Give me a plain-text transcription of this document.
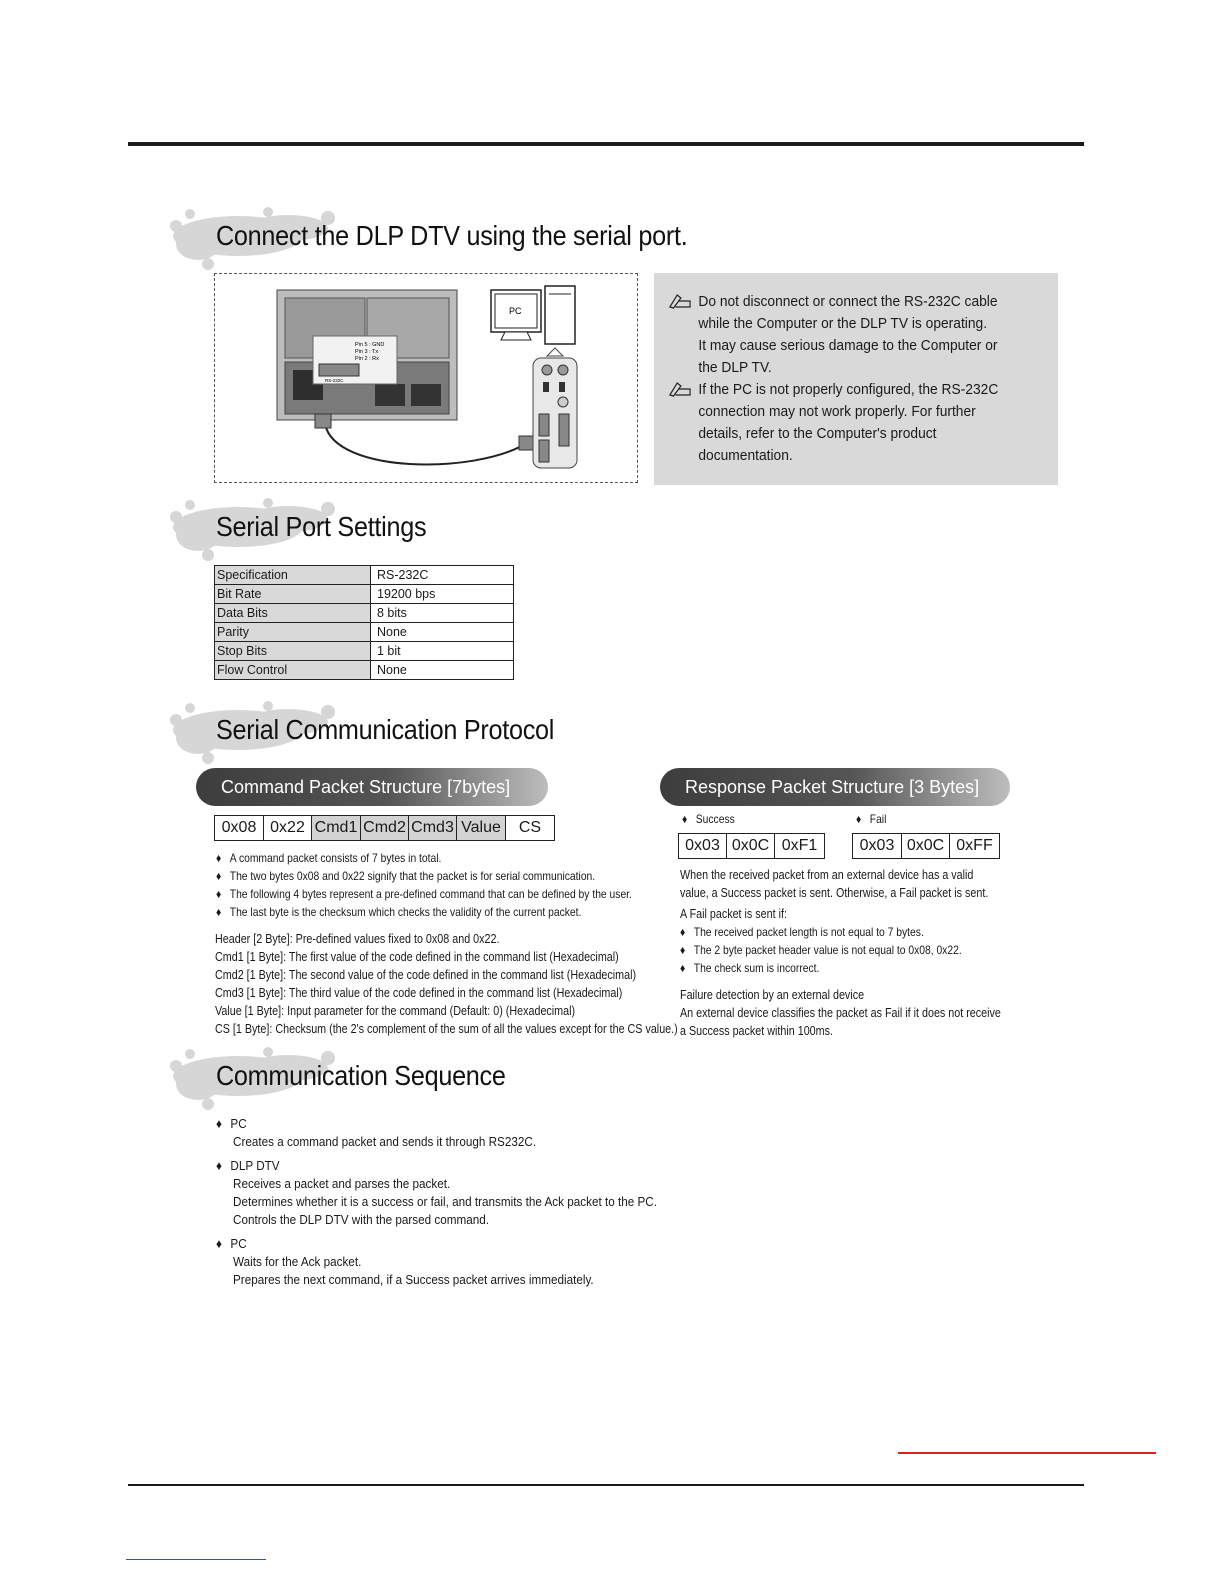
Connect the DLP DTV using the serial port.
Pin 5 : GND
Pin 3 : Tx
Pin 2 : Rx
RS-232C
PC
Do not disconnect or connect the RS-232C cable
while the Computer or the DLP TV is operating.
It may cause serious damage to the Computer or
the DLP TV.
If the PC is not properly configured, the RS-232C
connection may not work properly. For further
details, refer to the Computer's product
documentation.
Serial Port Settings
Specification	RS-232C
Bit Rate	19200 bps
Data Bits	8 bits
Parity	None
Stop Bits	1 bit
Flow Control	None
Serial Communication Protocol
Command Packet Structure [7bytes]
0x08 0x22 Cmd1 Cmd2 Cmd3 Value	CS
♦ A command packet consists of 7 bytes in total.
♦ The two bytes 0x08 and 0x22 signify that the packet is for serial communication.
♦ The following 4 bytes represent a pre-defined command that can be defined by the user.
♦ The last byte is the checksum which checks the validity of the current packet.
Header [2 Byte]: Pre-defined values fixed to 0x08 and 0x22.
Cmd1 [1 Byte]: The first value of the code defined in the command list (Hexadecimal)
Cmd2 [1 Byte]: The second value of the code defined in the command list (Hexadecimal)
Cmd3 [1 Byte]: The third value of the code defined in the command list (Hexadecimal)
Value [1 Byte]: Input parameter for the command (Default: 0) (Hexadecimal)
CS [1 Byte]: Checksum (the 2's complement of the sum of all the values except for the CS value.)
Response Packet Structure [3 Bytes]
♦ Success	♦ Fail
0x03 0x0C 0xF1	0x03 0x0C 0xFF
When the received packet from an external device has a valid
value, a Success packet is sent. Otherwise, a Fail packet is sent.
A Fail packet is sent if:
♦ The received packet length is not equal to 7 bytes.
♦ The 2 byte packet header value is not equal to 0x08, 0x22.
♦ The check sum is incorrect.
Failure detection by an external device
An external device classifies the packet as Fail if it does not receive
a Success packet within 100ms.
Communication Sequence
♦ PC
Creates a command packet and sends it through RS232C.
♦ DLP DTV
Receives a packet and parses the packet.
Determines whether it is a success or fail, and transmits the Ack packet to the PC.
Controls the DLP DTV with the parsed command.
♦ PC
Waits for the Ack packet.
Prepares the next command, if a Success packet arrives immediately.
